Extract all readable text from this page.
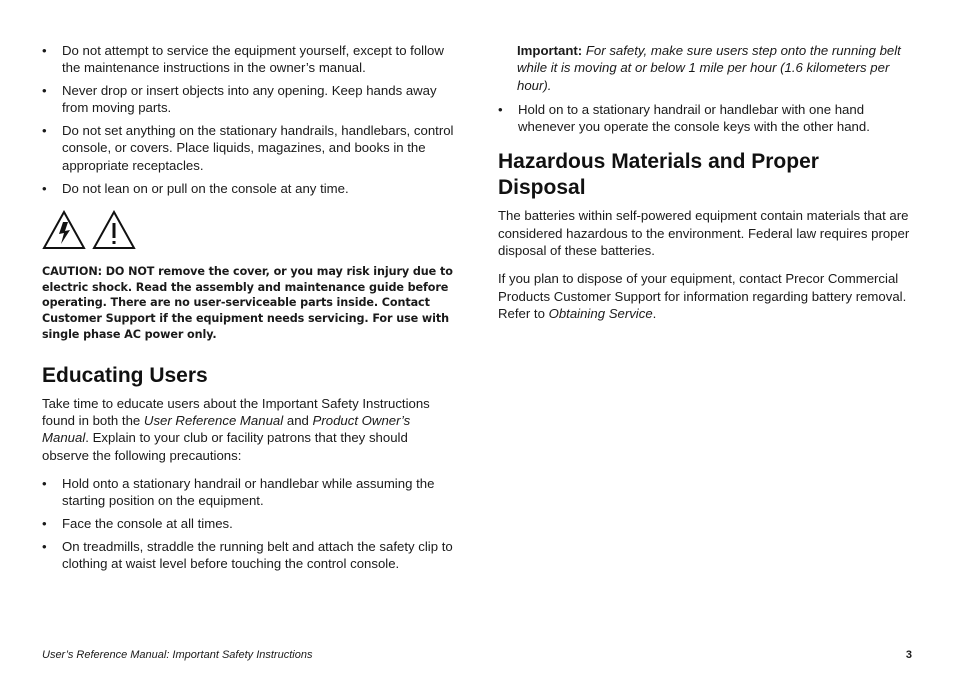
• Do not attempt to service the equipment yourself, except to follow the maintenance instructions in the owner’s manual.
• Never drop or insert objects into any opening. Keep hands away from moving parts.
• Do not set anything on the stationary handrails, handlebars, control console, or covers. Place liquids, magazines, and books in the appropriate receptacles.
• Do not lean on or pull on the console at any time.

CAUTION: DO NOT remove the cover, or you may risk injury due to electric shock. Read the assembly and maintenance guide before operating. There are no user-serviceable parts inside. Contact Customer Support if the equipment needs servicing. For use with single phase AC power only.

Educating Users

Take time to educate users about the Important Safety Instructions found in both the User Reference Manual and Product Owner’s Manual. Explain to your club or facility patrons that they should observe the following precautions:

• Hold onto a stationary handrail or handlebar while assuming the starting position on the equipment.
• Face the console at all times.
• On treadmills, straddle the running belt and attach the safety clip to clothing at waist level before touching the control console.

Important: For safety, make sure users step onto the running belt while it is moving at or below 1 mile per hour (1.6 kilometers per hour).

• Hold on to a stationary handrail or handlebar with one hand whenever you operate the console keys with the other hand.
Hazardous Materials and Proper Disposal

The batteries within self-powered equipment contain materials that are considered hazardous to the environment. Federal law requires proper disposal of these batteries.

If you plan to dispose of your equipment, contact Precor Commercial Products Customer Support for information regarding battery removal. Refer to Obtaining Service.

User’s Reference Manual: Important Safety Instructions	3
